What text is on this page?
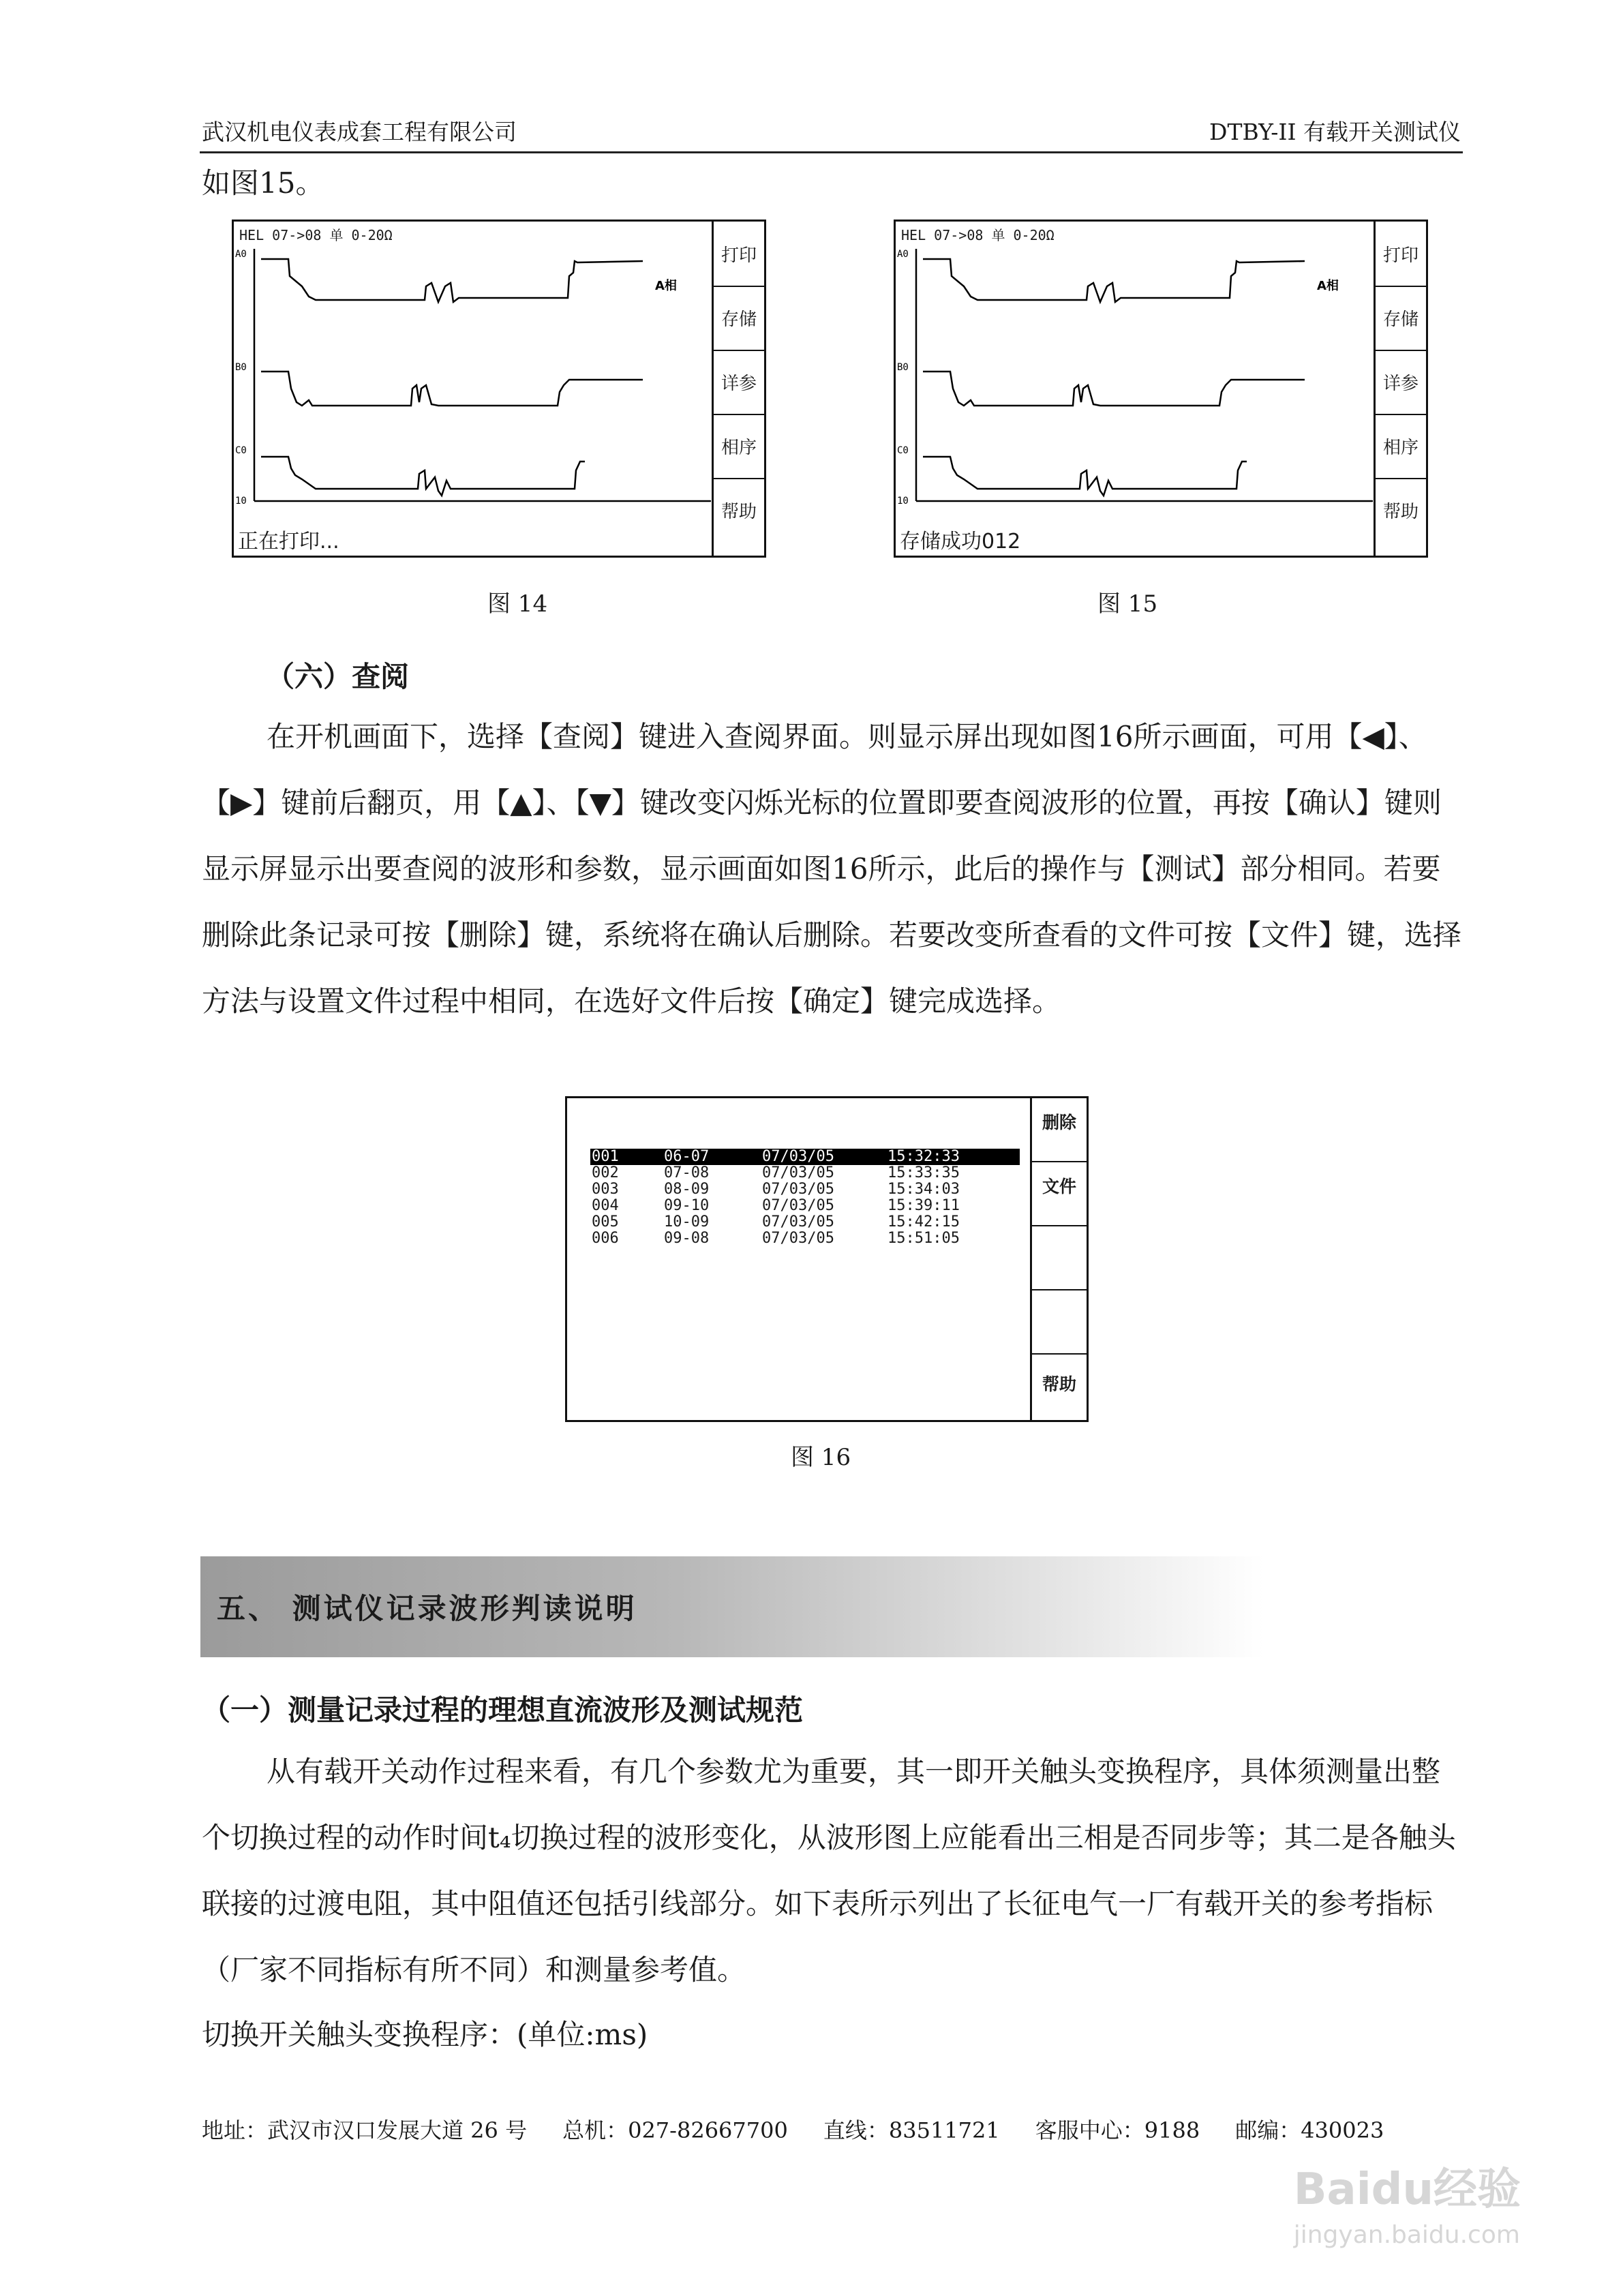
武汉机电仪表成套工程有限公司	DTBY-II 有载开关测试仪
如图15。
A0
B0
C0
10
A相
HEL 07->08 单 0-20Ω
正在打印...
打印
存储
详参
相序
帮助
图 14
A0
B0
C0
10
A相
HEL 07->08 单 0-20Ω
存储成功012
打印
存储
详参
相序
帮助
图 15
（六）查阅
在开机画面下，选择【查阅】键进入查阅界面。则显示屏出现如图16所示画面，可用【◀】、【▶】键前后翻页，用【▲】、【▼】键改变闪烁光标的位置即要查阅波形的位置，再按【确认】键则显示屏显示出要查阅的波形和参数，显示画面如图16所示，此后的操作与【测试】部分相同。若要删除此条记录可按【删除】键，系统将在确认后删除。若要改变所查看的文件可按【文件】键，选择方法与设置文件过程中相同，在选好文件后按【确定】键完成选择。
001	06-07	07/03/05	15:32:33
002	07-08	07/03/05	15:33:35
003	08-09	07/03/05	15:34:03
004	09-10	07/03/05	15:39:11
005	10-09	07/03/05	15:42:15
006	09-08	07/03/05	15:51:05
删除
文件
帮助
图 16
五、 测试仪记录波形判读说明
（一）测量记录过程的理想直流波形及测试规范
从有载开关动作过程来看，有几个参数尤为重要，其一即开关触头变换程序，具体须测量出整个切换过程的动作时间t₄切换过程的波形变化，从波形图上应能看出三相是否同步等；其二是各触头联接的过渡电阻，其中阻值还包括引线部分。如下表所示列出了长征电气一厂有载开关的参考指标（厂家不同指标有所不同）和测量参考值。
切换开关触头变换程序：(单位:ms)
地址：武汉市汉口发展大道 26 号 总机：027-82667700 直线：83511721 客服中心：9188 邮编：430023
Baidu经验
jingyan.baidu.com
